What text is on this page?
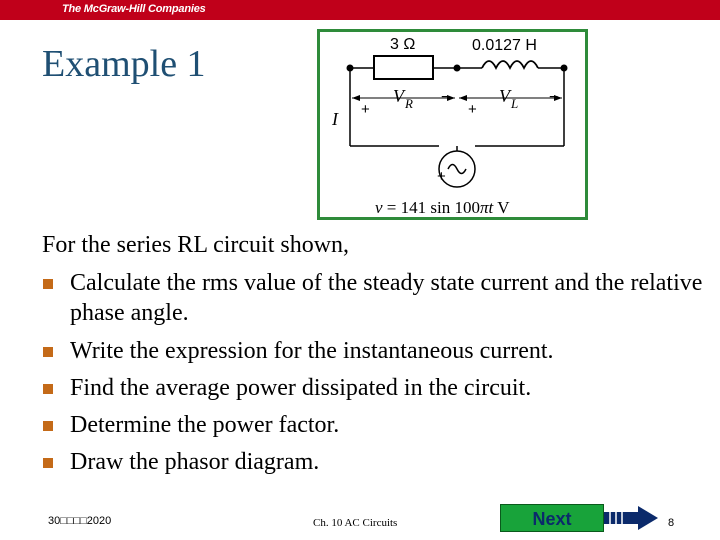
The McGraw-Hill Companies
Example 1	3 Ω	0.0127 H
+
V R −
+
V L −
I
+
v = 141 sin 100πt V
For the series RL circuit shown,
Calculate the rms value of the steady state current and the relative phase angle.
Write the expression for the instantaneous current.
Find the average power dissipated in the circuit.
Determine the power factor.
Draw the phasor diagram.
30□□□□2020	Ch. 10 AC Circuits	Next	8
